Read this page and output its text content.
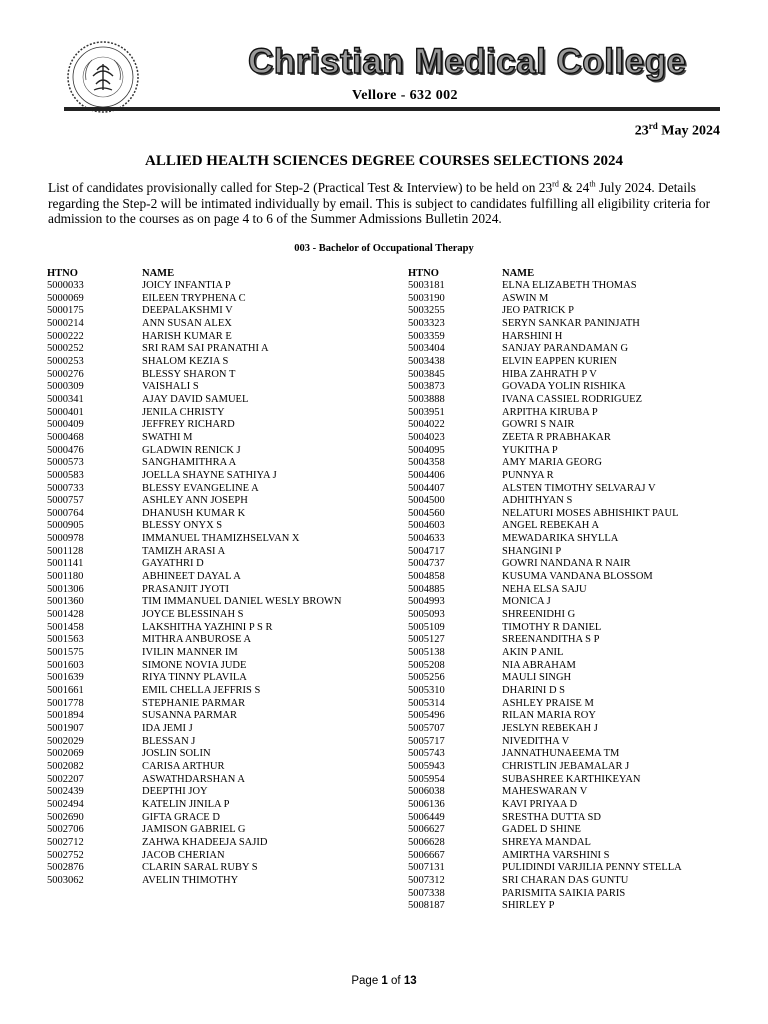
Christian Medical College
Vellore - 632 002
23rd May 2024
ALLIED HEALTH SCIENCES DEGREE COURSES SELECTIONS 2024
List of candidates provisionally called for Step-2 (Practical Test & Interview) to be held on 23rd & 24th July 2024. Details regarding the Step-2 will be intimated individually by email. This is subject to candidates fulfilling all eligibility criteria for admission to the courses as on page 4 to 6 of the Summer Admissions Bulletin 2024.
003 - Bachelor of Occupational Therapy
HTNO	NAME
5000033	JOICY INFANTIA P
5000069	EILEEN TRYPHENA C
5000175	DEEPALAKSHMI V
5000214	ANN SUSAN ALEX
5000222	HARISH KUMAR E
5000252	SRI RAM SAI PRANATHI A
5000253	SHALOM KEZIA S
5000276	BLESSY SHARON T
5000309	VAISHALI S
5000341	AJAY DAVID SAMUEL
5000401	JENILA CHRISTY
5000409	JEFFREY RICHARD
5000468	SWATHI M
5000476	GLADWIN RENICK J
5000573	SANGHAMITHRA A
5000583	JOELLA SHAYNE SATHIYA J
5000733	BLESSY EVANGELINE A
5000757	ASHLEY ANN JOSEPH
5000764	DHANUSH KUMAR K
5000905	BLESSY ONYX S
5000978	IMMANUEL THAMIZHSELVAN X
5001128	TAMIZH ARASI A
5001141	GAYATHRI D
5001180	ABHINEET DAYAL A
5001306	PRASANJIT JYOTI
5001360	TIM IMMANUEL DANIEL WESLY BROWN
5001428	JOYCE BLESSINAH S
5001458	LAKSHITHA YAZHINI P S R
5001563	MITHRA ANBUROSE A
5001575	IVILIN MANNER IM
5001603	SIMONE NOVIA JUDE
5001639	RIYA TINNY PLAVILA
5001661	EMIL CHELLA JEFFRIS S
5001778	STEPHANIE PARMAR
5001894	SUSANNA PARMAR
5001907	IDA JEMI J
5002029	BLESSAN J
5002069	JOSLIN SOLIN
5002082	CARISA ARTHUR
5002207	ASWATHDARSHAN A
5002439	DEEPTHI JOY
5002494	KATELIN JINILA P
5002690	GIFTA GRACE D
5002706	JAMISON GABRIEL G
5002712	ZAHWA KHADEEJA SAJID
5002752	JACOB CHERIAN
5002876	CLARIN SARAL RUBY S
5003062	AVELIN THIMOTHY
HTNO	NAME
5003181	ELNA ELIZABETH THOMAS
5003190	ASWIN M
5003255	JEO PATRICK P
5003323	SERYN SANKAR PANINJATH
5003359	HARSHINI H
5003404	SANJAY PARANDAMAN G
5003438	ELVIN EAPPEN KURIEN
5003845	HIBA ZAHRATH P V
5003873	GOVADA YOLIN RISHIKA
5003888	IVANA CASSIEL RODRIGUEZ
5003951	ARPITHA KIRUBA P
5004022	GOWRI S NAIR
5004023	ZEETA R PRABHAKAR
5004095	YUKITHA P
5004358	AMY MARIA GEORG
5004406	PUNNYA R
5004407	ALSTEN TIMOTHY SELVARAJ V
5004500	ADHITHYAN S
5004560	NELATURI MOSES ABHISHIKT PAUL
5004603	ANGEL REBEKAH A
5004633	MEWADARIKA SHYLLA
5004717	SHANGINI P
5004737	GOWRI NANDANA R NAIR
5004858	KUSUMA VANDANA BLOSSOM
5004885	NEHA ELSA SAJU
5004993	MONICA J
5005093	SHREENIDHI G
5005109	TIMOTHY R DANIEL
5005127	SREENANDITHA S P
5005138	AKIN P ANIL
5005208	NIA ABRAHAM
5005256	MAULI SINGH
5005310	DHARINI D S
5005314	ASHLEY PRAISE M
5005496	RILAN MARIA ROY
5005707	JESLYN REBEKAH J
5005717	NIVEDITHA V
5005743	JANNATHUNAEEMA TM
5005943	CHRISTLIN JEBAMALAR J
5005954	SUBASHREE KARTHIKEYAN
5006038	MAHESWARAN V
5006136	KAVI PRIYAA D
5006449	SRESTHA DUTTA SD
5006627	GADEL D SHINE
5006628	SHREYA MANDAL
5006667	AMIRTHA VARSHINI S
5007131	PULIDINDI VARJILIA PENNY STELLA
5007312	SRI CHARAN DAS GUNTU
5007338	PARISMITA SAIKIA PARIS
5008187	SHIRLEY P
Page 1 of 13
